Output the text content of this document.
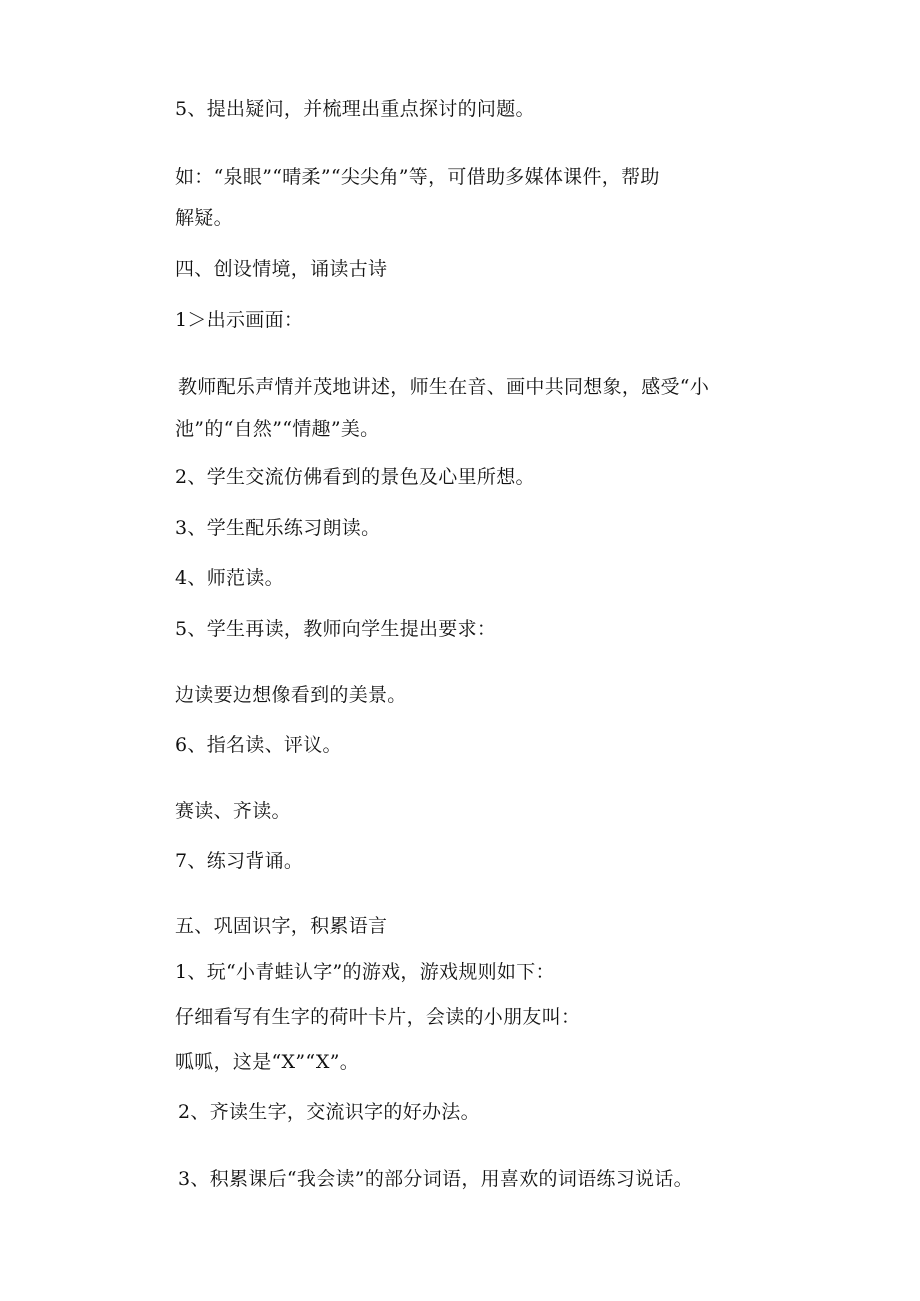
5、提出疑问，并梳理出重点探讨的问题。
如：“泉眼”“晴柔”“尖尖角”等，可借助多媒体课件，帮助
解疑。
四、创设情境，诵读古诗
1＞出示画面：
教师配乐声情并茂地讲述，师生在音、画中共同想象，感受“小
池”的“自然”“情趣”美。
2、学生交流仿佛看到的景色及心里所想。
3、学生配乐练习朗读。
4、师范读。
5、学生再读，教师向学生提出要求：
边读要边想像看到的美景。
6、指名读、评议。
赛读、齐读。
7、练习背诵。
五、巩固识字，积累语言
1、玩“小青蛙认字”的游戏，游戏规则如下：
仔细看写有生字的荷叶卡片，会读的小朋友叫：
呱呱，这是“X”“X”。
2、齐读生字，交流识字的好办法。
3、积累课后“我会读”的部分词语，用喜欢的词语练习说话。
